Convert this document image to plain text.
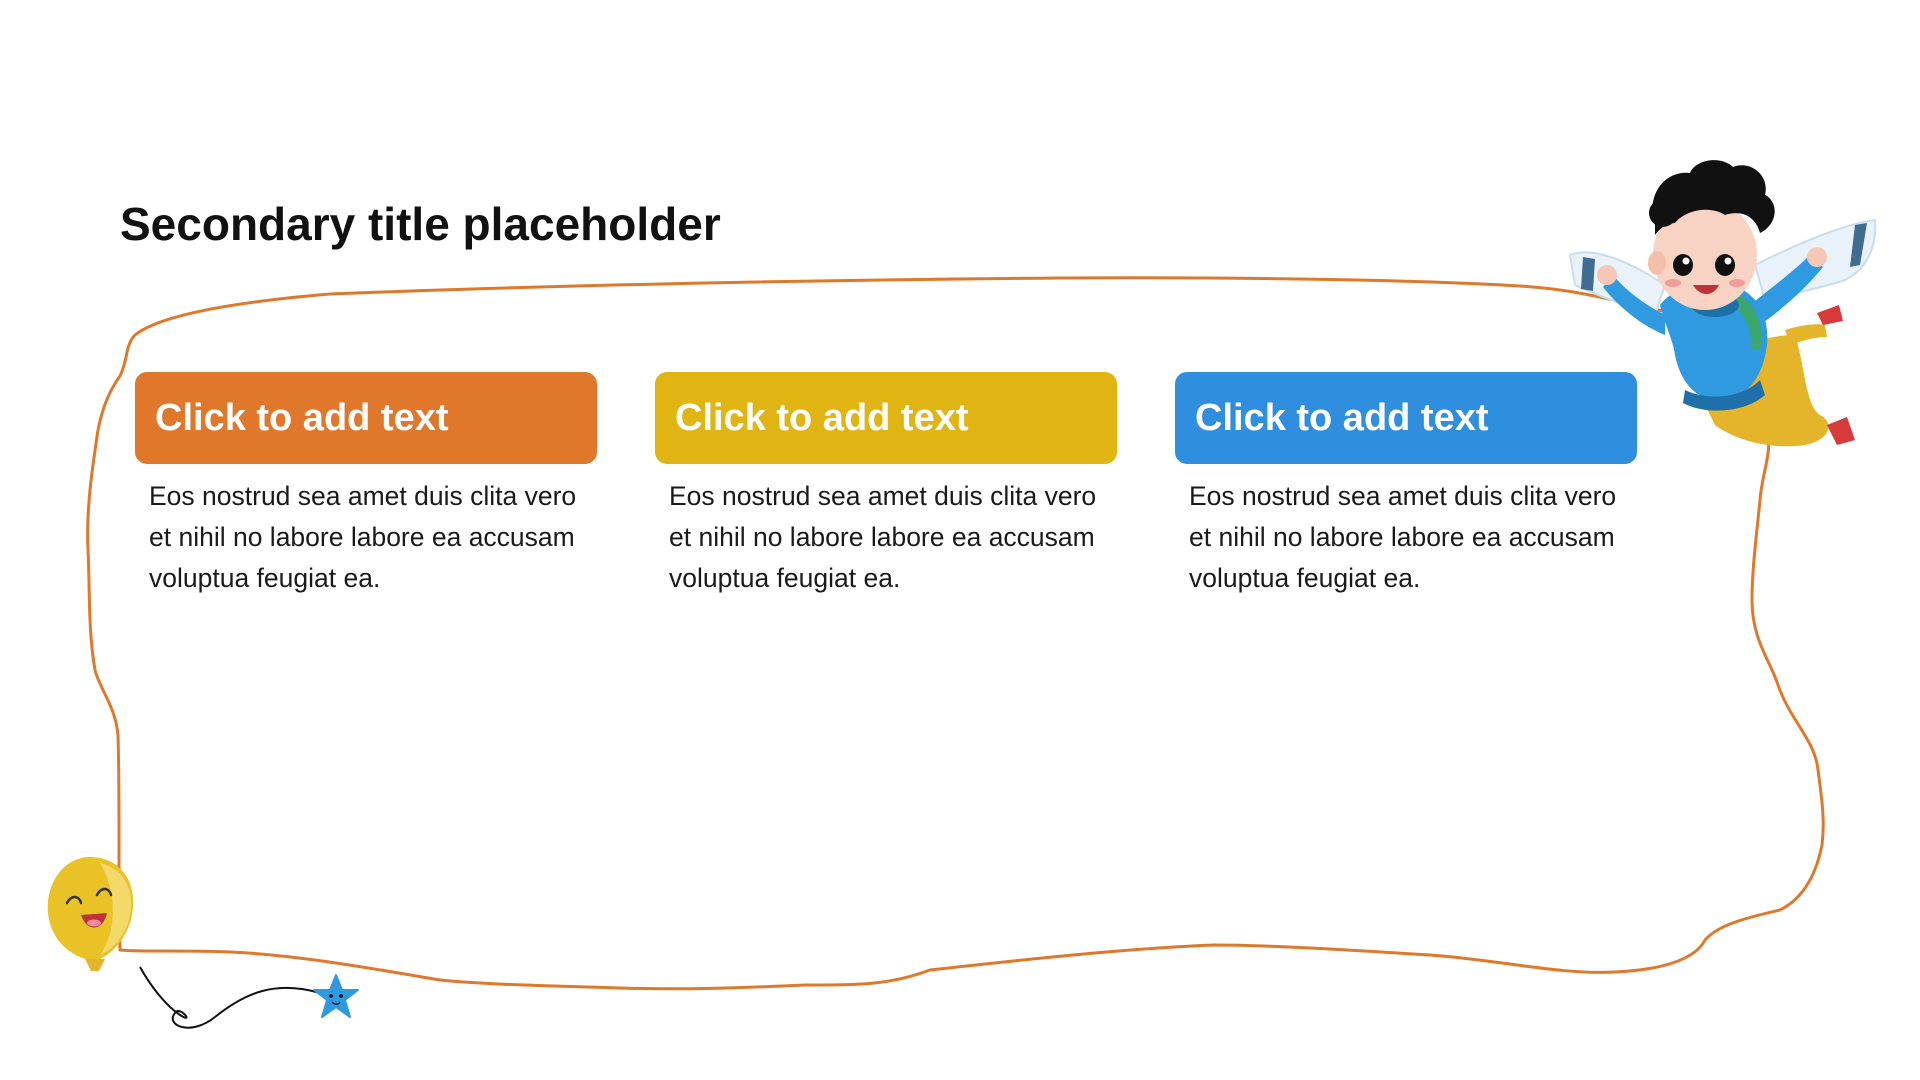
Secondary title placeholder
Click to add text
Eos nostrud sea amet duis clita vero et nihil no labore labore ea accusam voluptua feugiat ea.
Click to add text
Eos nostrud sea amet duis clita vero et nihil no labore labore ea accusam voluptua feugiat ea.
Click to add text
Eos nostrud sea amet duis clita vero et nihil no labore labore ea accusam voluptua feugiat ea.
